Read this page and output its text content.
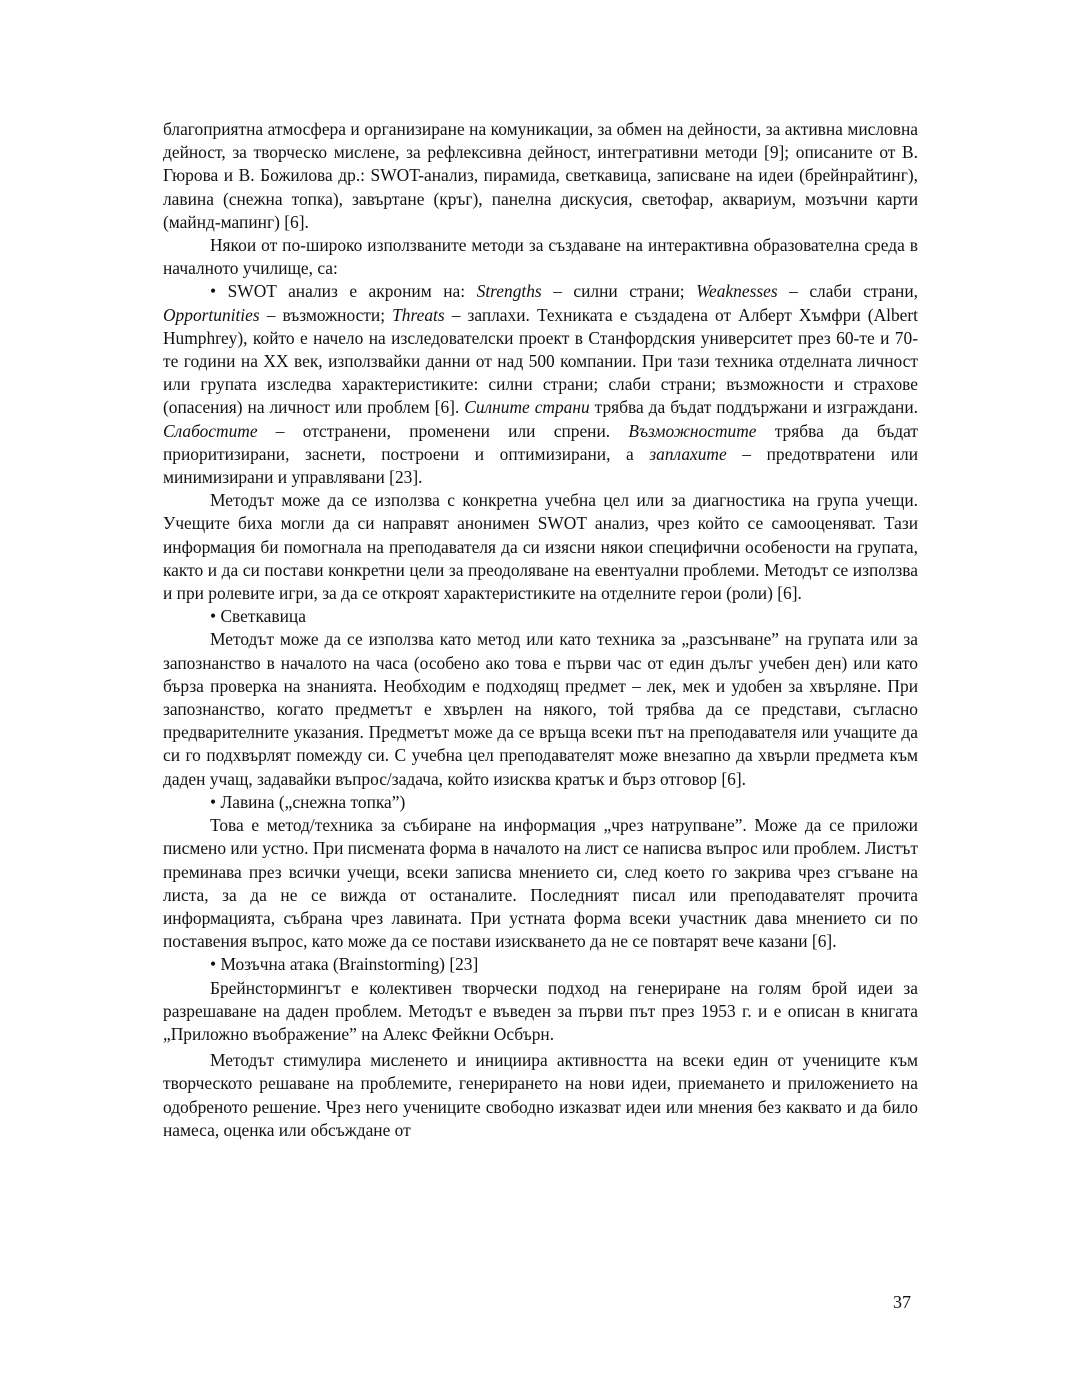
благоприятна атмосфера и организиране на комуникации, за обмен на дейности, за активна мисловна дейност, за творческо мислене, за рефлексивна дейност, интегративни методи [9]; описаните от В. Гюрова и В. Божилова др.: SWOT-анализ, пирамида, светкавица, записване на идеи (брейнрайтинг), лавина (снежна топка), завъртане (кръг), панелна дискусия, светофар, аквариум, мозъчни карти (майнд-мапинг) [6].

Някои от по-широко използваните методи за създаване на интерактивна образователна среда в началното училище, са:

• SWOT анализ е акроним на: Strengths – силни страни; Weaknesses – слаби страни, Opportunities – възможности; Threats – заплахи. Техниката е създадена от Алберт Хъмфри (Albert Humphrey), който е начело на изследователски проект в Станфордския университет през 60-те и 70-те години на XX век, използвайки данни от над 500 компании. При тази техника отделната личност или групата изследва характеристиките: силни страни; слаби страни; възможности и страхове (опасения) на личност или проблем [6]. Силните страни трябва да бъдат поддържани и изграждани. Слабостите – отстранени, променени или спрени. Възможностите трябва да бъдат приоритизирани, заснети, построени и оптимизирани, а заплахите – предотвратени или минимизирани и управлявани [23].

Методът може да се използва с конкретна учебна цел или за диагностика на група учещи. Учещите биха могли да си направят анонимен SWOT анализ, чрез който се самооценяват. Тази информация би помогнала на преподавателя да си изясни някои специфични особености на групата, както и да си постави конкретни цели за преодоляване на евентуални проблеми. Методът се използва и при ролевите игри, за да се откроят характеристиките на отделните герои (роли) [6].

• Светкавица

Методът може да се използва като метод или като техника за „разсънване” на групата или за запознанство в началото на часа (особено ако това е първи час от един дълъг учебен ден) или като бърза проверка на знанията. Необходим е подходящ предмет – лек, мек и удобен за хвърляне. При запознанство, когато предметът е хвърлен на някого, той трябва да се представи, съгласно предварителните указания. Предметът може да се връща всеки път на преподавателя или учащите да си го подхвърлят помежду си. С учебна цел преподавателят може внезапно да хвърли предмета към даден учащ, задавайки въпрос/задача, който изисква кратък и бърз отговор [6].

• Лавина („снежна топка”)

Това е метод/техника за събиране на информация „чрез натрупване”. Може да се приложи писмено или устно. При писмената форма в началото на лист се написва въпрос или проблем. Листът преминава през всички учещи, всеки записва мнението си, след което го закрива чрез сгъване на листа, за да не се вижда от останалите. Последният писал или преподавателят прочита информацията, събрана чрез лавината. При устната форма всеки участник дава мнението си по поставения въпрос, като може да се постави изискването да не се повтарят вече казани [6].

• Мозъчна атака (Brainstorming) [23]

Брейнстормингът е колективен творчески подход на генериране на голям брой идеи за разрешаване на даден проблем. Методът е въведен за първи път през 1953 г. и е описан в книгата „Приложно въображение” на Алекс Фейкни Осбърн.

Методът стимулира мисленето и инициира активността на всеки един от учениците към творческото решаване на проблемите, генерирането на нови идеи, приемането и приложението на одобреното решение. Чрез него учениците свободно изказват идеи или мнения без каквато и да било намеса, оценка или обсъждане от

37
